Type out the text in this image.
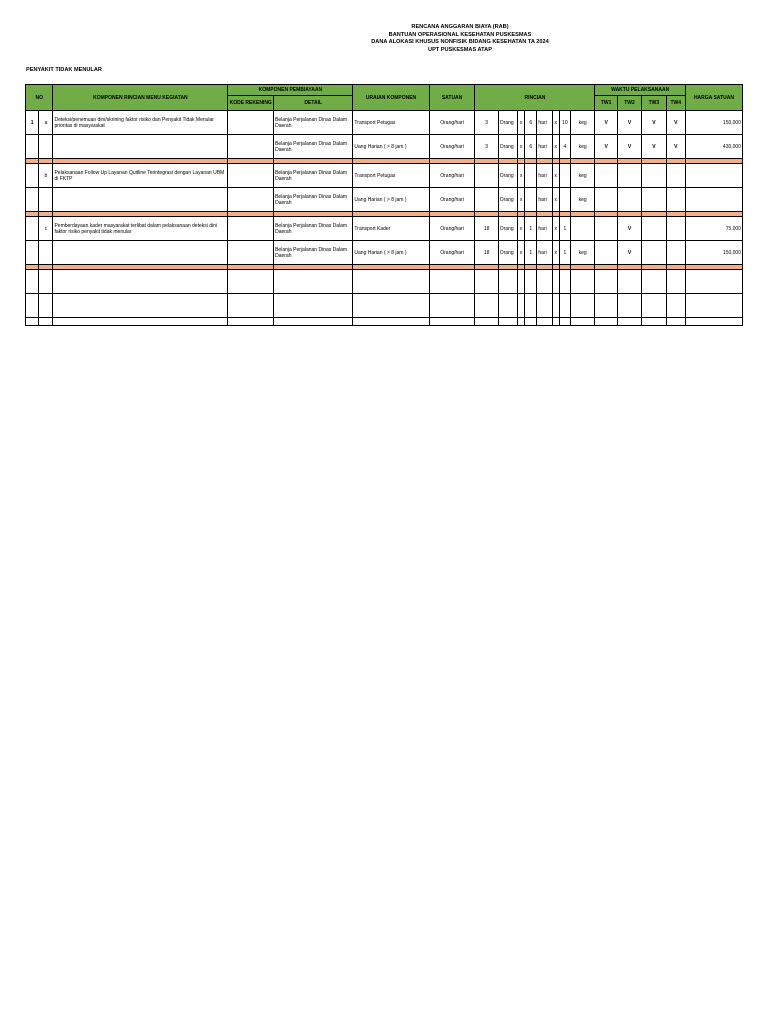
RENCANA ANGGARAN BIAYA (RAB)
BANTUAN OPERASIONAL KESEHATAN PUSKESMAS
DANA ALOKASI KHUSUS NONFISIK BIDANG KESEHATAN TA 2024
UPT PUSKESMAS ATAP
PENYAKIT TIDAK MENULAR
NO		KOMPONEN RINCIAN MENU KEGIATAN	KOMPONEN PEMBIAYAAN		URAIAN KOMPONEN	SATUAN	RINCIAN								WAKTU PELAKSANAAN				HARGA SATUAN
			KODE REKENING	DETAIL											TW1	TW2	TW3	TW4	
1	a	Deteksi/penemuan dini/skrining faktor risiko dan Penyakit Tidak Menular prioritas di masyarakat		Belanja Perjalanan Dinas Dalam Daerah	Transport Petugas	Orang/hari	3	Orang	x	6	hari	x	10	keg	V	V	V	V	150,000
				Belanja Perjalanan Dinas Dalam Daerah	Uang Harian ( > 8 jam )	Orang/hari	3	Orang	x	6	hari	x	4	keg	V	V	V	V	430,000

	b	Pelaksanaan Follow Up Layanan Quitline Terintegrasi dengan Layanan UBM di FKTP		Belanja Perjalanan Dinas Dalam Daerah	Transport Petugas	Orang/hari		Orang	x		hari	x		keg					
				Belanja Perjalanan Dinas Dalam Daerah	Uang Harian ( > 8 jam )	Orang/hari		Orang	x		hari	x		keg					

	c	Pemberdayaan kader masyarakat terlibat dalam pelaksanaan deteksi dini faktor risiko penyakit tidak menular		Belanja Perjalanan Dinas Dalam Daerah	Transport Kader	Orang/hari	18	Orang	x	1	hari	x	1			V			75,000
				Belanja Perjalanan Dinas Dalam Daerah	Uang Harian ( > 8 jam )	Orang/hari	18	Orang	x	1	hari	x	1	keg		V			150,000
